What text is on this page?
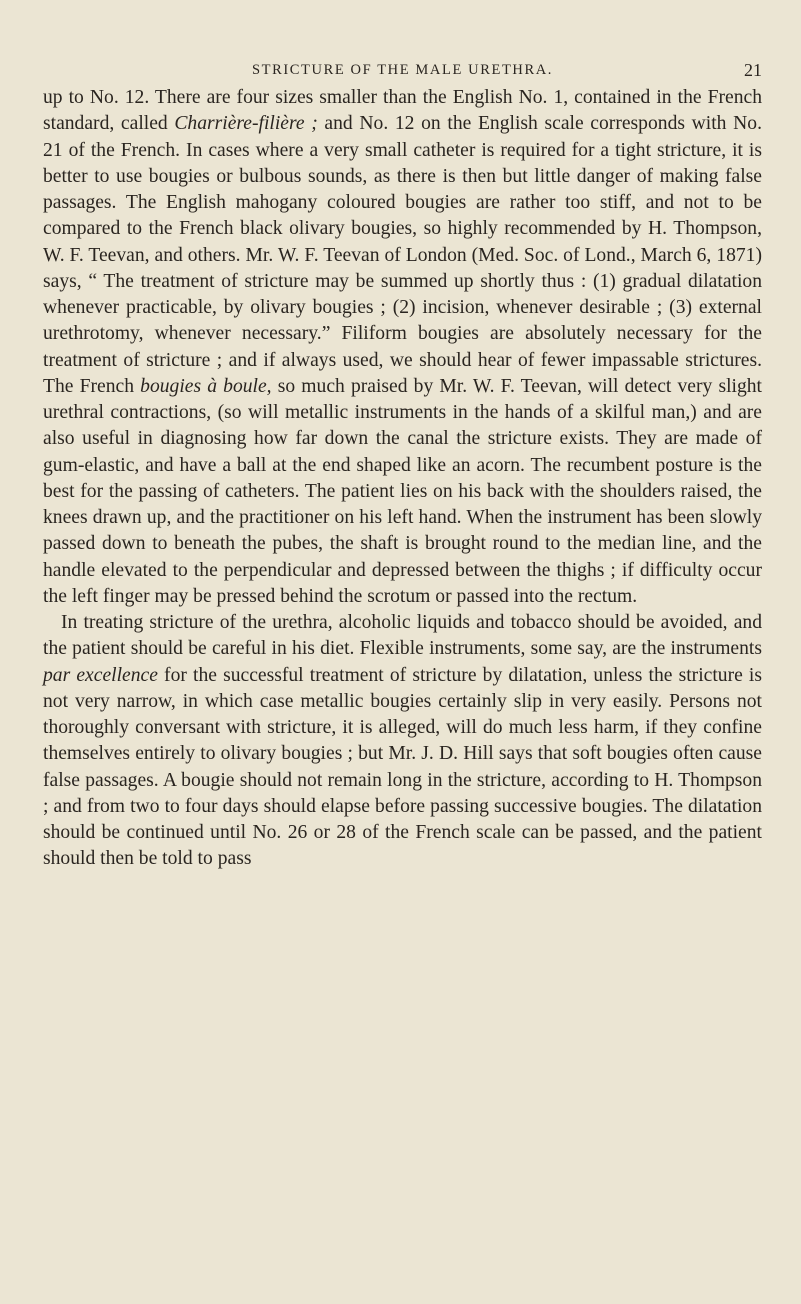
STRICTURE OF THE MALE URETHRA.	21

up to No. 12. There are four sizes smaller than the English No. 1, contained in the French standard, called Charrière-filière ; and No. 12 on the English scale corresponds with No. 21 of the French. In cases where a very small catheter is required for a tight stricture, it is better to use bougies or bulbous sounds, as there is then but little danger of making false passages. The English mahogany coloured bougies are rather too stiff, and not to be compared to the French black olivary bougies, so highly recommended by H. Thompson, W. F. Teevan, and others. Mr. W. F. Teevan of London (Med. Soc. of Lond., March 6, 1871) says, “ The treatment of stricture may be summed up shortly thus : (1) gradual dilatation whenever practicable, by olivary bougies ; (2) incision, whenever desirable ; (3) external urethrotomy, whenever necessary.” Filiform bougies are absolutely necessary for the treatment of stricture ; and if always used, we should hear of fewer impassable strictures. The French bougies à boule, so much praised by Mr. W. F. Teevan, will detect very slight urethral contractions, (so will metallic instruments in the hands of a skilful man,) and are also useful in diagnosing how far down the canal the stricture exists. They are made of gum-elastic, and have a ball at the end shaped like an acorn. The recumbent posture is the best for the passing of catheters. The patient lies on his back with the shoulders raised, the knees drawn up, and the practitioner on his left hand. When the instrument has been slowly passed down to beneath the pubes, the shaft is brought round to the median line, and the handle elevated to the perpendicular and depressed between the thighs ; if difficulty occur the left finger may be pressed behind the scrotum or passed into the rectum.

In treating stricture of the urethra, alcoholic liquids and tobacco should be avoided, and the patient should be careful in his diet. Flexible instruments, some say, are the instruments par excellence for the successful treatment of stricture by dilatation, unless the stricture is not very narrow, in which case metallic bougies certainly slip in very easily. Persons not thoroughly conversant with stricture, it is alleged, will do much less harm, if they confine themselves entirely to olivary bougies ; but Mr. J. D. Hill says that soft bougies often cause false passages. A bougie should not remain long in the stricture, according to H. Thompson ; and from two to four days should elapse before passing successive bougies. The dilatation should be continued until No. 26 or 28 of the French scale can be passed, and the patient should then be told to pass
